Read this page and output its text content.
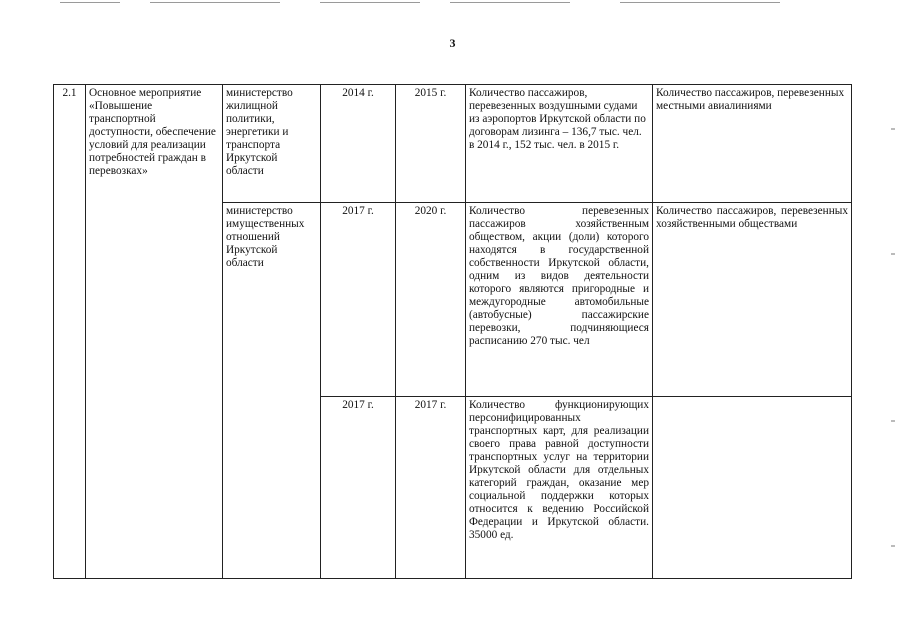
3
2.1	Основное мероприятие «Повышение транспортной доступности, обеспечение условий для реализации потребностей граждан в перевозках»	министерство жилищной политики, энергетики и транспорта Иркутской области	2014 г.	2015 г.	Количество пассажиров, перевезенных воздушными судами из аэропортов Иркутской области по договорам лизинга – 136,7 тыс. чел. в 2014 г., 152 тыс. чел. в 2015 г.	Количество пассажиров, перевезенных местными авиалиниями

		министерство имущественных отношений Иркутской области	2017 г.	2020 г.	Количество перевезенных пассажиров хозяйственным обществом, акции (доли) которого находятся в государственной собственности Иркутской области, одним из видов деятельности которого являются пригородные и междугородные автомобильные (автобусные) пассажирские перевозки, подчиняющиеся расписанию 270 тыс. чел	Количество пассажиров, перевезенных хозяйственными обществами

			2017 г.	2017 г.	Количество функционирующих персонифицированных транспортных карт, для реализации своего права равной доступности транспортных услуг на территории Иркутской области для отдельных категорий граждан, оказание мер социальной поддержки которых относится к ведению Российской Федерации и Иркутской области. 35000 ед.	
